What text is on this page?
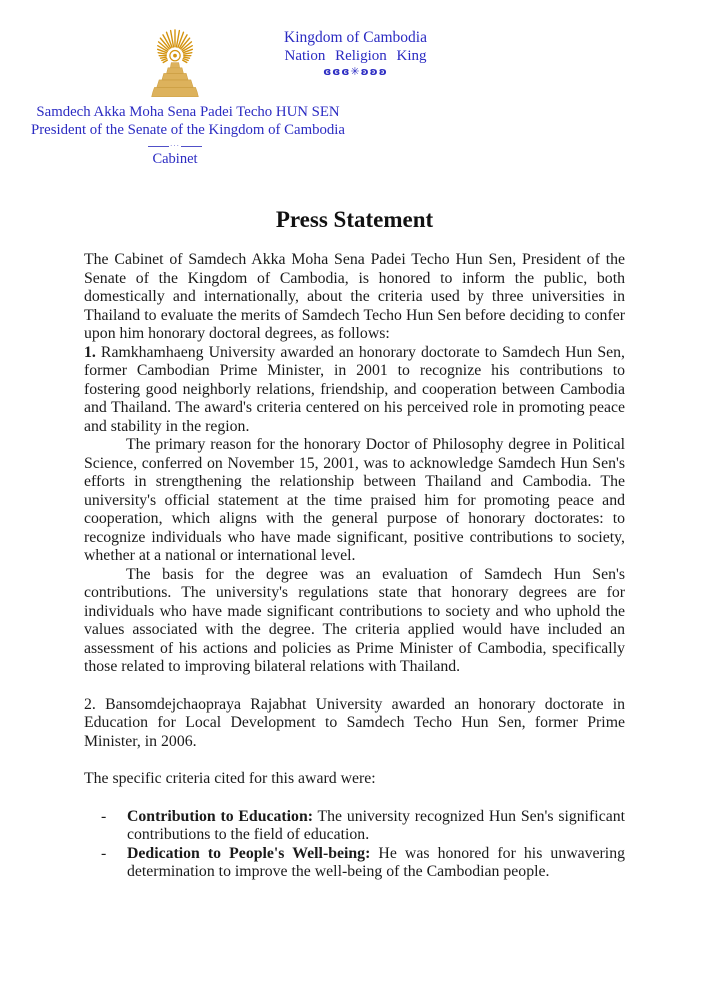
Kingdom of Cambodia
Nation Religion King
ɞɞɞ✳ʚʚʚ
Samdech Akka Moha Sena Padei Techo HUN SEN
President of the Senate of the Kingdom of Cambodia
···
Cabinet
Press Statement

The Cabinet of Samdech Akka Moha Sena Padei Techo Hun Sen, President of the Senate of the Kingdom of Cambodia, is honored to inform the public, both domestically and internationally, about the criteria used by three universities in Thailand to evaluate the merits of Samdech Techo Hun Sen before deciding to confer upon him honorary doctoral degrees, as follows:

1. Ramkhamhaeng University awarded an honorary doctorate to Samdech Hun Sen, former Cambodian Prime Minister, in 2001 to recognize his contributions to fostering good neighborly relations, friendship, and cooperation between Cambodia and Thailand. The award's criteria centered on his perceived role in promoting peace and stability in the region.

The primary reason for the honorary Doctor of Philosophy degree in Political Science, conferred on November 15, 2001, was to acknowledge Samdech Hun Sen's efforts in strengthening the relationship between Thailand and Cambodia. The university's official statement at the time praised him for promoting peace and cooperation, which aligns with the general purpose of honorary doctorates: to recognize individuals who have made significant, positive contributions to society, whether at a national or international level.

The basis for the degree was an evaluation of Samdech Hun Sen's contributions. The university's regulations state that honorary degrees are for individuals who have made significant contributions to society and who uphold the values associated with the degree. The criteria applied would have included an assessment of his actions and policies as Prime Minister of Cambodia, specifically those related to improving bilateral relations with Thailand.

2. Bansomdejchaopraya Rajabhat University awarded an honorary doctorate in Education for Local Development to Samdech Techo Hun Sen, former Prime Minister, in 2006.

The specific criteria cited for this award were:

-	Contribution to Education: The university recognized Hun Sen's significant contributions to the field of education.

-	Dedication to People's Well-being: He was honored for his unwavering determination to improve the well-being of the Cambodian people.
